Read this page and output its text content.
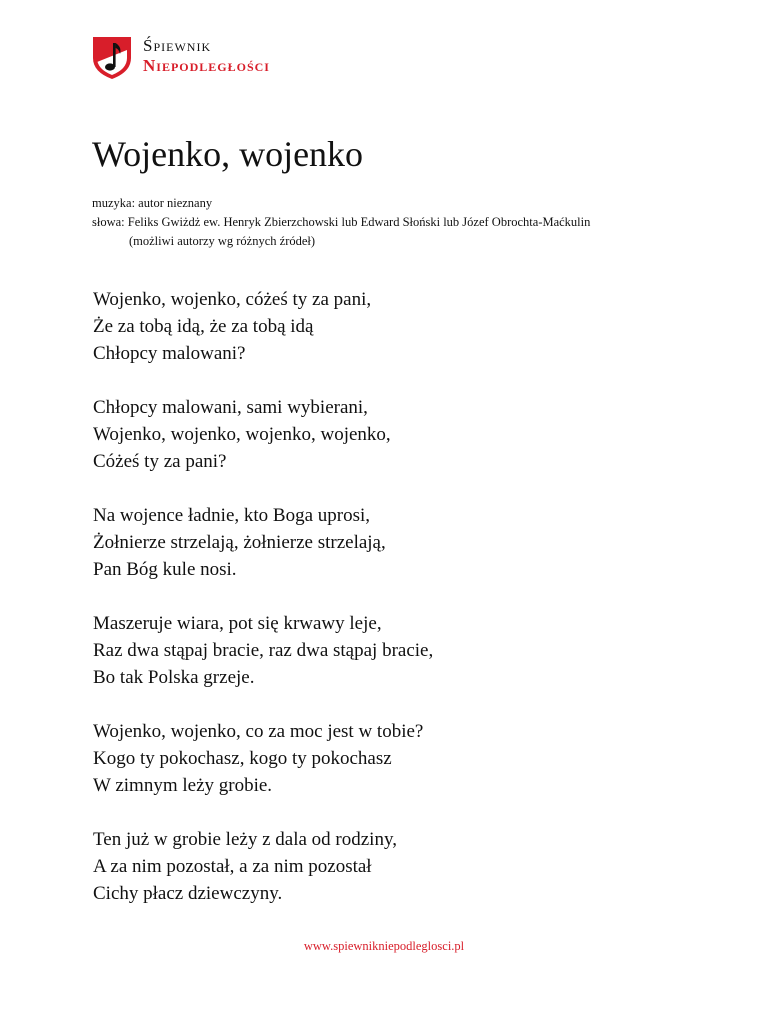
Śpiewnik
Niepodległości
Wojenko, wojenko
muzyka: autor nieznany
słowa: Feliks Gwiżdż ew. Henryk Zbierzchowski lub Edward Słoński lub Józef Obrochta-Maćkulin
(możliwi autorzy wg różnych źródeł)
Wojenko, wojenko, cóżeś ty za pani,
Że za tobą idą, że za tobą idą
Chłopcy malowani?
Chłopcy malowani, sami wybierani,
Wojenko, wojenko, wojenko, wojenko,
Cóżeś ty za pani?
Na wojence ładnie, kto Boga uprosi,
Żołnierze strzelają, żołnierze strzelają,
Pan Bóg kule nosi.
Maszeruje wiara, pot się krwawy leje,
Raz dwa stąpaj bracie, raz dwa stąpaj bracie,
Bo tak Polska grzeje.
Wojenko, wojenko, co za moc jest w tobie?
Kogo ty pokochasz, kogo ty pokochasz
W zimnym leży grobie.
Ten już w grobie leży z dala od rodziny,
A za nim pozostał, a za nim pozostał
Cichy płacz dziewczyny.
www.spiewnikniepodleglosci.pl
